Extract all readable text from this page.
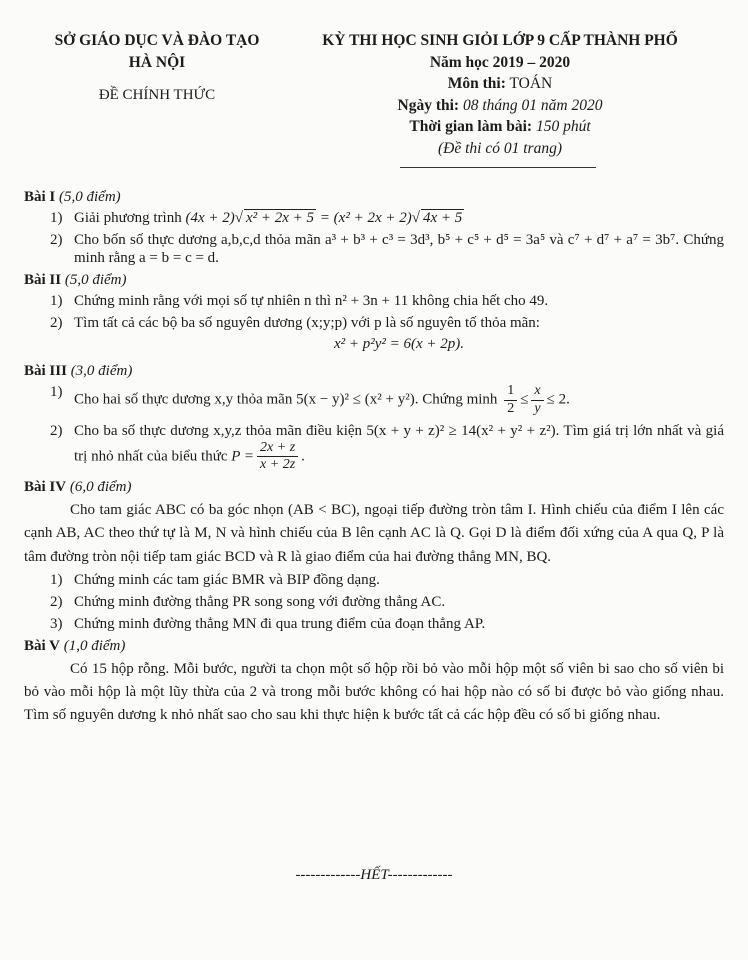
SỞ GIÁO DỤC VÀ ĐÀO TẠO
HÀ NỘI
ĐỀ CHÍNH THỨC
KỲ THI HỌC SINH GIỎI LỚP 9 CẤP THÀNH PHỐ
Năm học 2019 – 2020
Môn thi: TOÁN
Ngày thi: 08 tháng 01 năm 2020
Thời gian làm bài: 150 phút
(Đề thi có 01 trang)
Bài I (5,0 điểm)
1) Giải phương trình (4x + 2)√ x² + 2x + 5 = (x² + 2x + 2)√ 4x + 5
2) Cho bốn số thực dương a,b,c,d thỏa mãn a³ + b³ + c³ = 3d³, b⁵ + c⁵ + d⁵ = 3a⁵ và c⁷ + d⁷ + a⁷ = 3b⁷. Chứng minh rằng a = b = c = d.
Bài II (5,0 điểm)
1) Chứng minh rằng với mọi số tự nhiên n thì n² + 3n + 11 không chia hết cho 49.
2) Tìm tất cả các bộ ba số nguyên dương (x;y;p) với p là số nguyên tố thỏa mãn:
x² + p²y² = 6(x + 2p).
Bài III (3,0 điểm)
1) Cho hai số thực dương x,y thỏa mãn 5(x − y)² ≤ (x² + y²). Chứng minh $\frac{1}{2} \le \frac{x}{y} \le 2$.
2) Cho ba số thực dương x,y,z thỏa mãn điều kiện 5(x + y + z)² ≥ 14(x² + y² + z²). Tìm giá trị lớn nhất và giá trị nhỏ nhất của biểu thức $P = \frac{2x + z}{x + 2z}$ .
Bài IV (6,0 điểm)
Cho tam giác ABC có ba góc nhọn (AB < BC), ngoại tiếp đường tròn tâm I. Hình chiếu của điểm I lên các cạnh AB, AC theo thứ tự là M, N và hình chiếu của B lên cạnh AC là Q. Gọi D là điểm đối xứng của A qua Q, P là tâm đường tròn nội tiếp tam giác BCD và R là giao điểm của hai đường thẳng MN, BQ.
1) Chứng minh các tam giác BMR và BIP đồng dạng.
2) Chứng minh đường thẳng PR song song với đường thẳng AC.
3) Chứng minh đường thẳng MN đi qua trung điểm của đoạn thẳng AP.
Bài V (1,0 điểm)
Có 15 hộp rỗng. Mỗi bước, người ta chọn một số hộp rồi bỏ vào mỗi hộp một số viên bi sao cho số viên bi bỏ vào mỗi hộp là một lũy thừa của 2 và trong mỗi bước không có hai hộp nào có số bi được bỏ vào giống nhau. Tìm số nguyên dương k nhỏ nhất sao cho sau khi thực hiện k bước tất cả các hộp đều có số bi giống nhau.
-------------HẾT-------------
